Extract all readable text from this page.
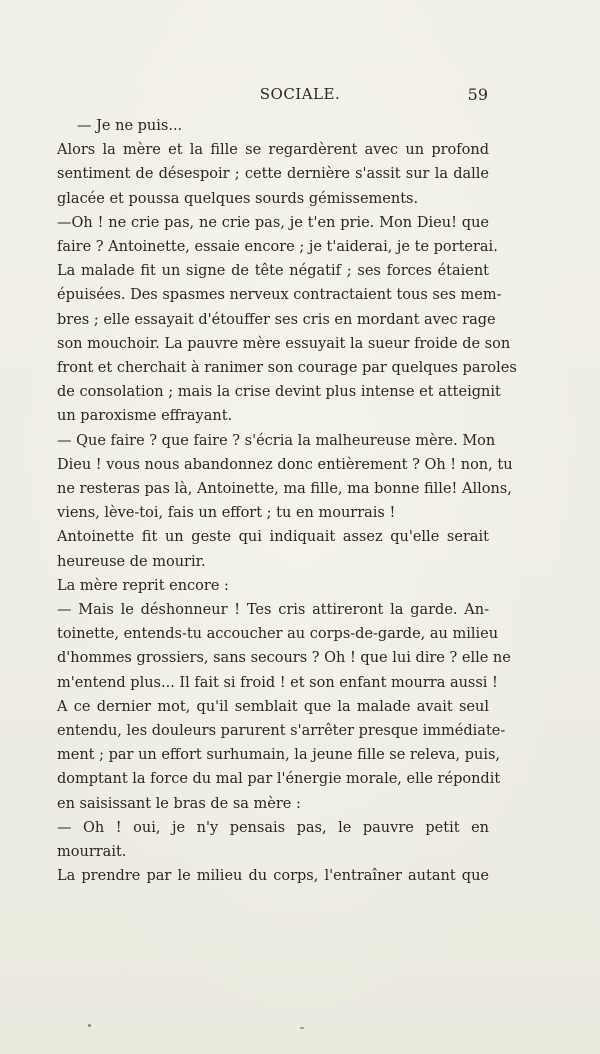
SOCIALE.	59
— Je ne puis...
Alors la mère et la fille se regardèrent avec un profond
sentiment de désespoir ; cette dernière s'assit sur la dalle
glacée et poussa quelques sourds gémissements.
—Oh ! ne crie pas, ne crie pas, je t'en prie. Mon Dieu! que
faire ? Antoinette, essaie encore ; je t'aiderai, je te porterai.
La malade fit un signe de tête négatif ; ses forces étaient
épuisées. Des spasmes nerveux contractaient tous ses mem-
bres ; elle essayait d'étouffer ses cris en mordant avec rage
son mouchoir. La pauvre mère essuyait la sueur froide de son
front et cherchait à ranimer son courage par quelques paroles
de consolation ; mais la crise devint plus intense et atteignit
un paroxisme effrayant.
— Que faire ? que faire ? s'écria la malheureuse mère. Mon
Dieu ! vous nous abandonnez donc entièrement ? Oh ! non, tu
ne resteras pas là, Antoinette, ma fille, ma bonne fille! Allons,
viens, lève-toi, fais un effort ; tu en mourrais !
Antoinette fit un geste qui indiquait assez qu'elle serait
heureuse de mourir.
La mère reprit encore :
— Mais le déshonneur ! Tes cris attireront la garde. An-
toinette, entends-tu accoucher au corps-de-garde, au milieu
d'hommes grossiers, sans secours ? Oh ! que lui dire ? elle ne
m'entend plus... Il fait si froid ! et son enfant mourra aussi !
A ce dernier mot, qu'il semblait que la malade avait seul
entendu, les douleurs parurent s'arrêter presque immédiate-
ment ; par un effort surhumain, la jeune fille se releva, puis,
domptant la force du mal par l'énergie morale, elle répondit
en saisissant le bras de sa mère :
— Oh ! oui, je n'y pensais pas, le pauvre petit en
mourrait.
La prendre par le milieu du corps, l'entraîner autant que
